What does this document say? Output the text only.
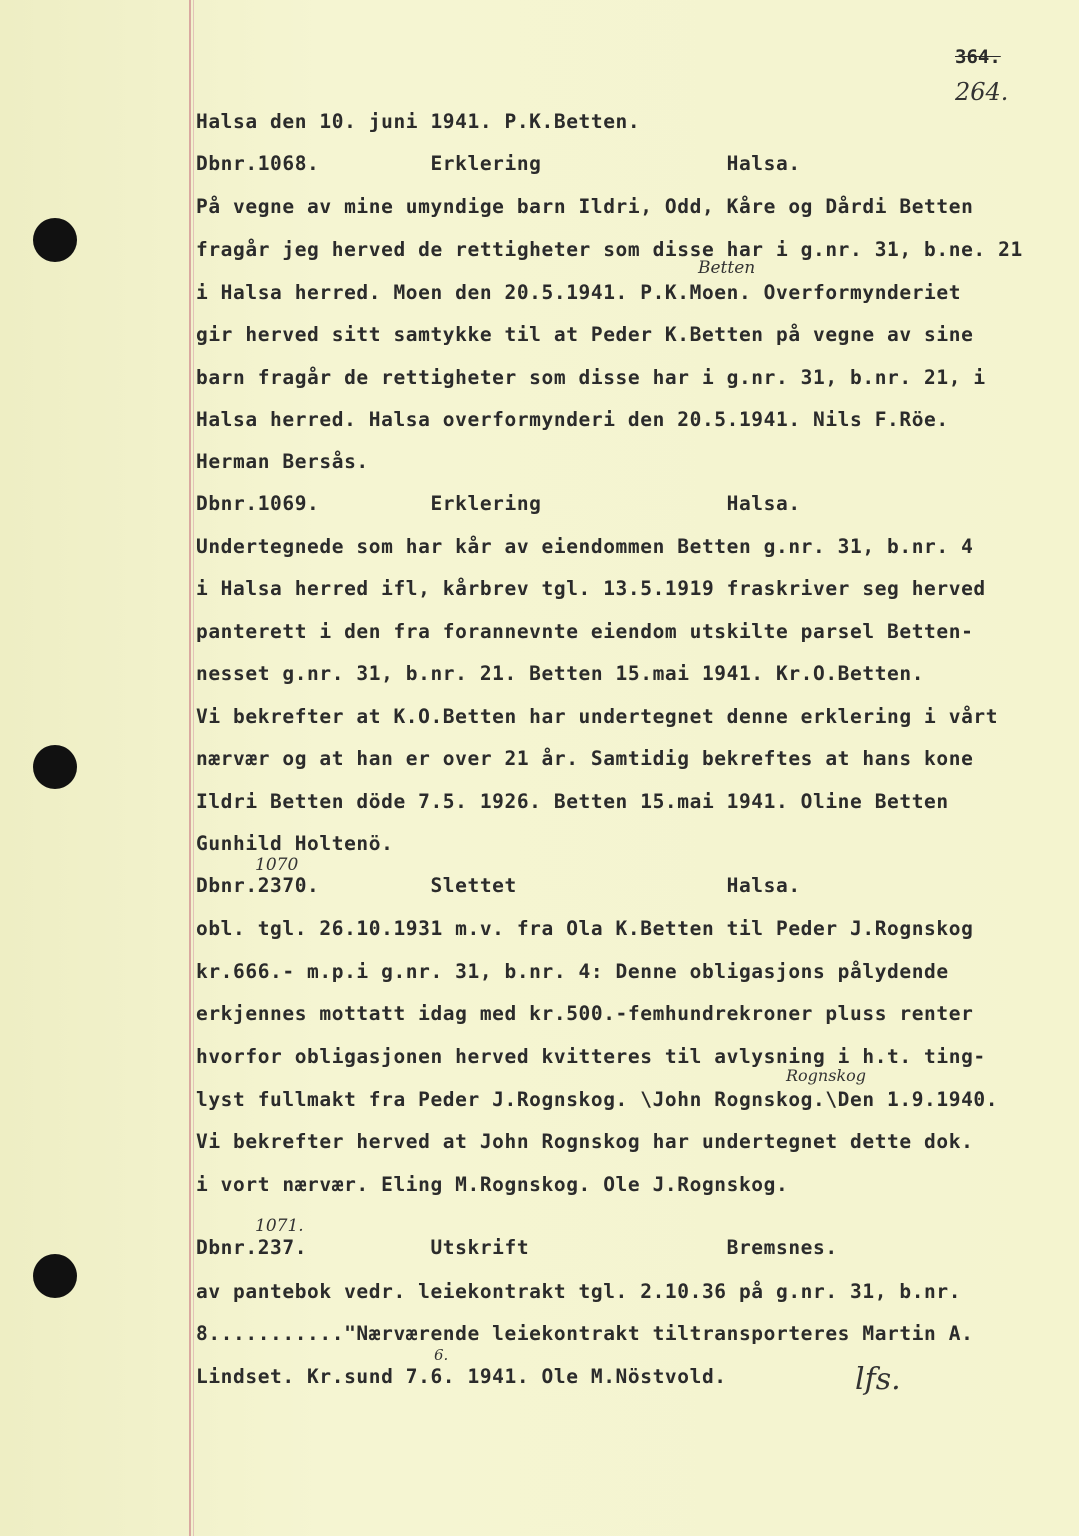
364.
264.
Halsa den 10. juni 1941. P.K.Betten.
Dbnr.1068.         Erklering               Halsa.
På vegne av mine umyndige barn Ildri, Odd, Kåre og Dårdi Betten
fragår jeg herved de rettigheter som disse har i g.nr. 31, b.ne. 21
Betten
i Halsa herred. Moen den 20.5.1941. P.K.Moen. Overformynderiet
gir herved sitt samtykke til at Peder K.Betten på vegne av sine
barn fragår de rettigheter som disse har i g.nr. 31, b.nr. 21, i
Halsa herred. Halsa overformynderi den 20.5.1941. Nils F.Röe.
Herman Bersås.
Dbnr.1069.         Erklering               Halsa.
Undertegnede som har kår av eiendommen Betten g.nr. 31, b.nr. 4
i Halsa herred ifl, kårbrev tgl. 13.5.1919 fraskriver seg herved
panterett i den fra forannevnte eiendom utskilte parsel Betten-
nesset g.nr. 31, b.nr. 21. Betten 15.mai 1941. Kr.O.Betten.
Vi bekrefter at K.O.Betten har undertegnet denne erklering i vårt
nærvær og at han er over 21 år. Samtidig bekreftes at hans kone
Ildri Betten döde 7.5. 1926. Betten 15.mai 1941. Oline Betten
Gunhild Holtenö.
1070
Dbnr.2370.         Slettet                 Halsa.
obl. tgl. 26.10.1931 m.v. fra Ola K.Betten til Peder J.Rognskog
kr.666.- m.p.i g.nr. 31, b.nr. 4: Denne obligasjons pålydende
erkjennes mottatt idag med kr.500.-femhundrekroner pluss renter
hvorfor obligasjonen herved kvitteres til avlysning i h.t. ting-
Rognskog
lyst fullmakt fra Peder J.Rognskog. \John Rognskog.\Den 1.9.1940.
Vi bekrefter herved at John Rognskog har undertegnet dette dok.
i vort nærvær. Eling M.Rognskog. Ole J.Rognskog.
1071.
Dbnr.237.          Utskrift                Bremsnes.
av pantebok vedr. leiekontrakt tgl. 2.10.36 på g.nr. 31, b.nr.
8..........."Nærværende leiekontrakt tiltransporteres Martin A.
6.
Lindset. Kr.sund 7.6. 1941. Ole M.Nöstvold.	lfs.
